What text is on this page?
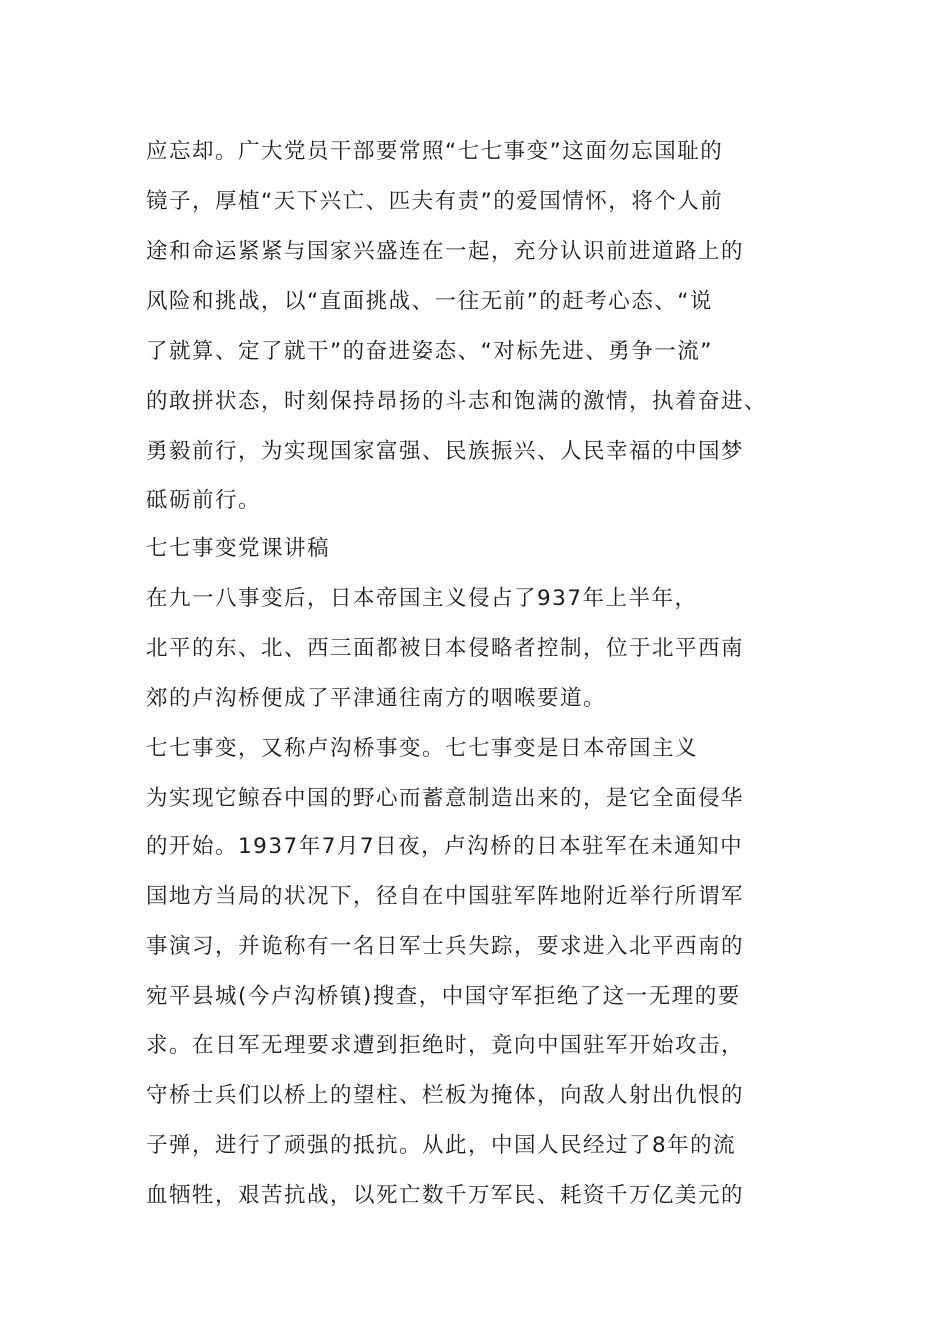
应忘却。广大党员干部要常照“七七事变”这面勿忘国耻的
镜子，厚植“天下兴亡、匹夫有责”的爱国情怀，将个人前
途和命运紧紧与国家兴盛连在一起，充分认识前进道路上的
风险和挑战，以“直面挑战、一往无前”的赶考心态、“说
了就算、定了就干”的奋进姿态、“对标先进、勇争一流”
的敢拼状态，时刻保持昂扬的斗志和饱满的激情，执着奋进、
勇毅前行，为实现国家富强、民族振兴、人民幸福的中国梦
砥砺前行。
七七事变党课讲稿
在九一八事变后，日本帝国主义侵占了937年上半年，
北平的东、北、西三面都被日本侵略者控制，位于北平西南
郊的卢沟桥便成了平津通往南方的咽喉要道。
七七事变，又称卢沟桥事变。七七事变是日本帝国主义
为实现它鲸吞中国的野心而蓄意制造出来的，是它全面侵华
的开始。1937年7月7日夜，卢沟桥的日本驻军在未通知中
国地方当局的状况下，径自在中国驻军阵地附近举行所谓军
事演习，并诡称有一名日军士兵失踪，要求进入北平西南的
宛平县城(今卢沟桥镇)搜查，中国守军拒绝了这一无理的要
求。在日军无理要求遭到拒绝时，竟向中国驻军开始攻击，
守桥士兵们以桥上的望柱、栏板为掩体，向敌人射出仇恨的
子弹，进行了顽强的抵抗。从此，中国人民经过了8年的流
血牺牲，艰苦抗战，以死亡数千万军民、耗资千万亿美元的
